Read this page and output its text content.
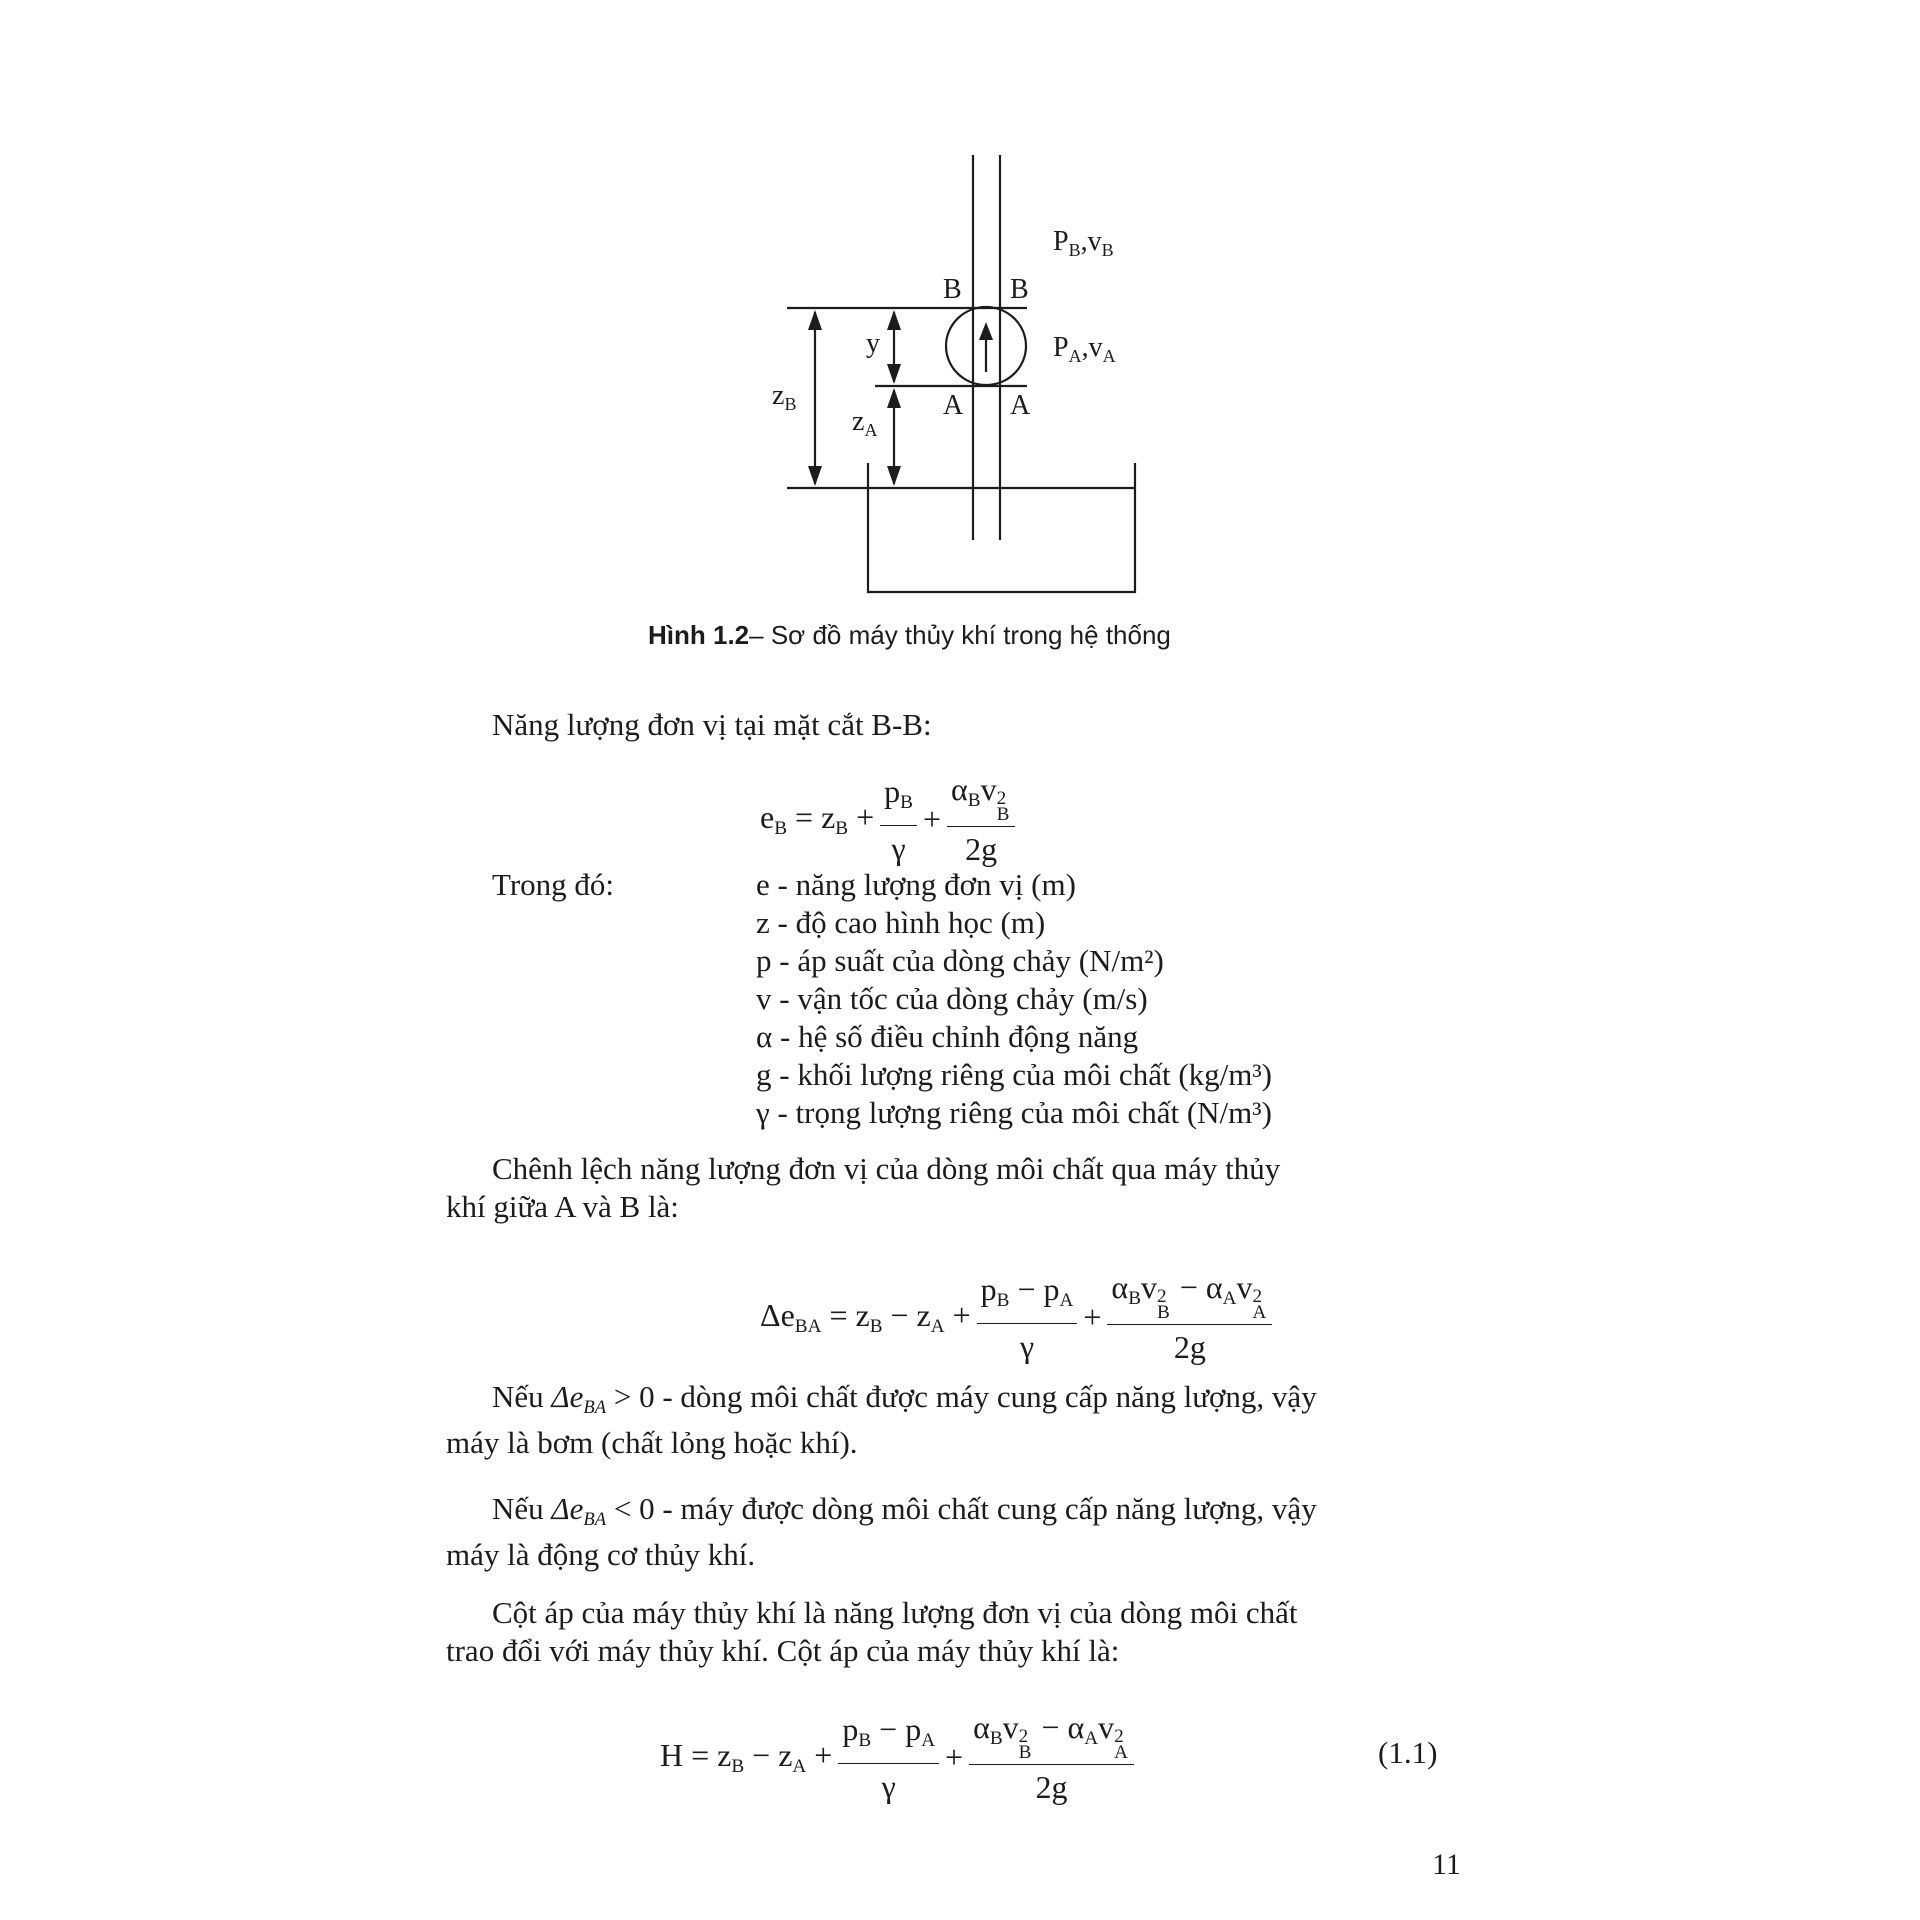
$P_B,v_B$
$P_A,v_A$
B B
A A
y
$z_B$
$z_A$
Hình 1.2– Sơ đồ máy thủy khí trong hệ thống
Năng lượng đơn vị tại mặt cắt B-B:
$e_B = z_B + \frac{p_B}{\gamma} + \alpha_Bv$ 2
B
2g
Trong đó:	e - năng lượng đơn vị (m)
z - độ cao hình học (m)
p - áp suất của dòng chảy (N/m²)
v - vận tốc của dòng chảy (m/s)
α - hệ số điều chỉnh động năng
g - khối lượng riêng của môi chất (kg/m³)
γ - trọng lượng riêng của môi chất (N/m³)
Chênh lệch năng lượng đơn vị của dòng môi chất qua máy thủy
khí giữa A và B là:
$\Delta e_{BA} = z_B - z_A + \frac{p_B - p_A}{\gamma} + \alpha_Bv$ 2
B
− $\alpha_Av$ 2
A
2g
Nếu $\Delta e_{BA} > 0$ - dòng môi chất được máy cung cấp năng lượng, vậy
máy là bơm (chất lỏng hoặc khí).
Nếu $\Delta e_{BA} < 0$ - máy được dòng môi chất cung cấp năng lượng, vậy
máy là động cơ thủy khí.
Cột áp của máy thủy khí là năng lượng đơn vị của dòng môi chất
trao đổi với máy thủy khí. Cột áp của máy thủy khí là:
$H = z_B - z_A + \frac{p_B - p_A}{\gamma} + \alpha_Bv$ 2
B
− $\alpha_Av$ 2
A
2g	(1.1)
11
